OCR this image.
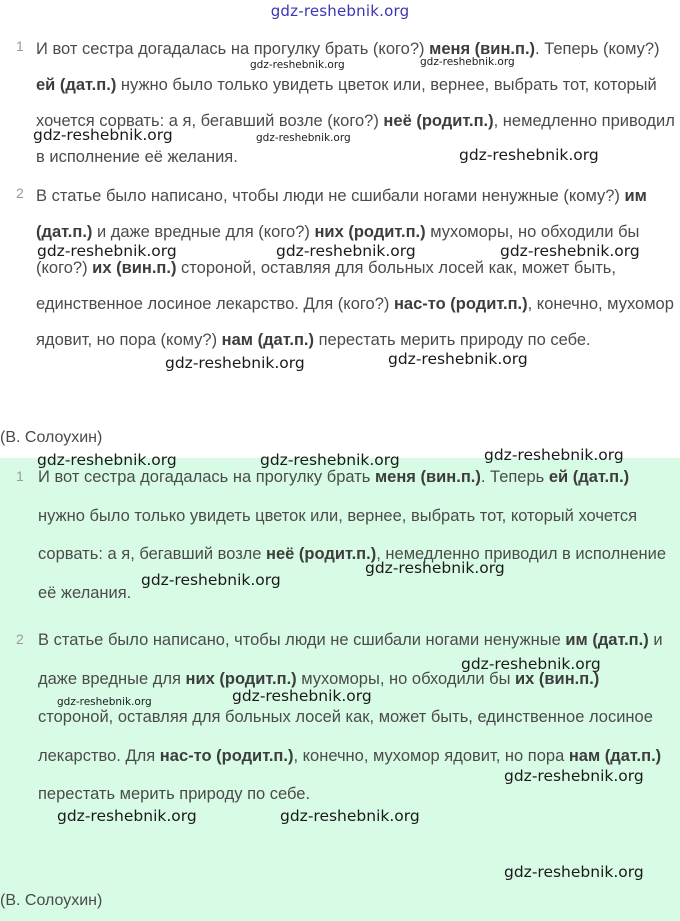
gdz-reshebnik.org
1 И вот сестра догадалась на прогулку брать (кого?) меня (вин.п.). Теперь (кому?) ей (дат.п.) нужно было только увидеть цветок или, вернее, выбрать тот, который хочется сорвать: а я, бегавший возле (кого?) неё (родит.п.), немедленно приводил в исполнение её желания.

2 В статье было написано, чтобы люди не сшибали ногами ненужные (кому?) им (дат.п.) и даже вредные для (кого?) них (родит.п.) мухоморы, но обходили бы (кого?) их (вин.п.) стороной, оставляя для больных лосей как, может быть, единственное лосиное лекарство. Для (кого?) нас-то (родит.п.), конечно, мухомор ядовит, но пора (кому?) нам (дат.п.) перестать мерить природу по себе.

(В. Солоухин)
1 И вот сестра догадалась на прогулку брать меня (вин.п.). Теперь ей (дат.п.) нужно было только увидеть цветок или, вернее, выбрать тот, который хочется сорвать: а я, бегавший возле неё (родит.п.), немедленно приводил в исполнение её желания.

2 В статье было написано, чтобы люди не сшибали ногами ненужные им (дат.п.) и даже вредные для них (родит.п.) мухоморы, но обходили бы их (вин.п.) стороной, оставляя для больных лосей как, может быть, единственное лосиное лекарство. Для нас-то (родит.п.), конечно, мухомор ядовит, но пора нам (дат.п.) перестать мерить природу по себе.

(В. Солоухин)
gdz-reshebnik.org	gdz-reshebnik.org
gdz-reshebnik.org	gdz-reshebnik.org
gdz-reshebnik.org
gdz-reshebnik.org	gdz-reshebnik.org	gdz-reshebnik.org
gdz-reshebnik.org	gdz-reshebnik.org
gdz-reshebnik.org
gdz-reshebnik.org	gdz-reshebnik.org
gdz-reshebnik.org
gdz-reshebnik.org
gdz-reshebnik.org
gdz-reshebnik.org
gdz-reshebnik.org
gdz-reshebnik.org
gdz-reshebnik.org	gdz-reshebnik.org
gdz-reshebnik.org
